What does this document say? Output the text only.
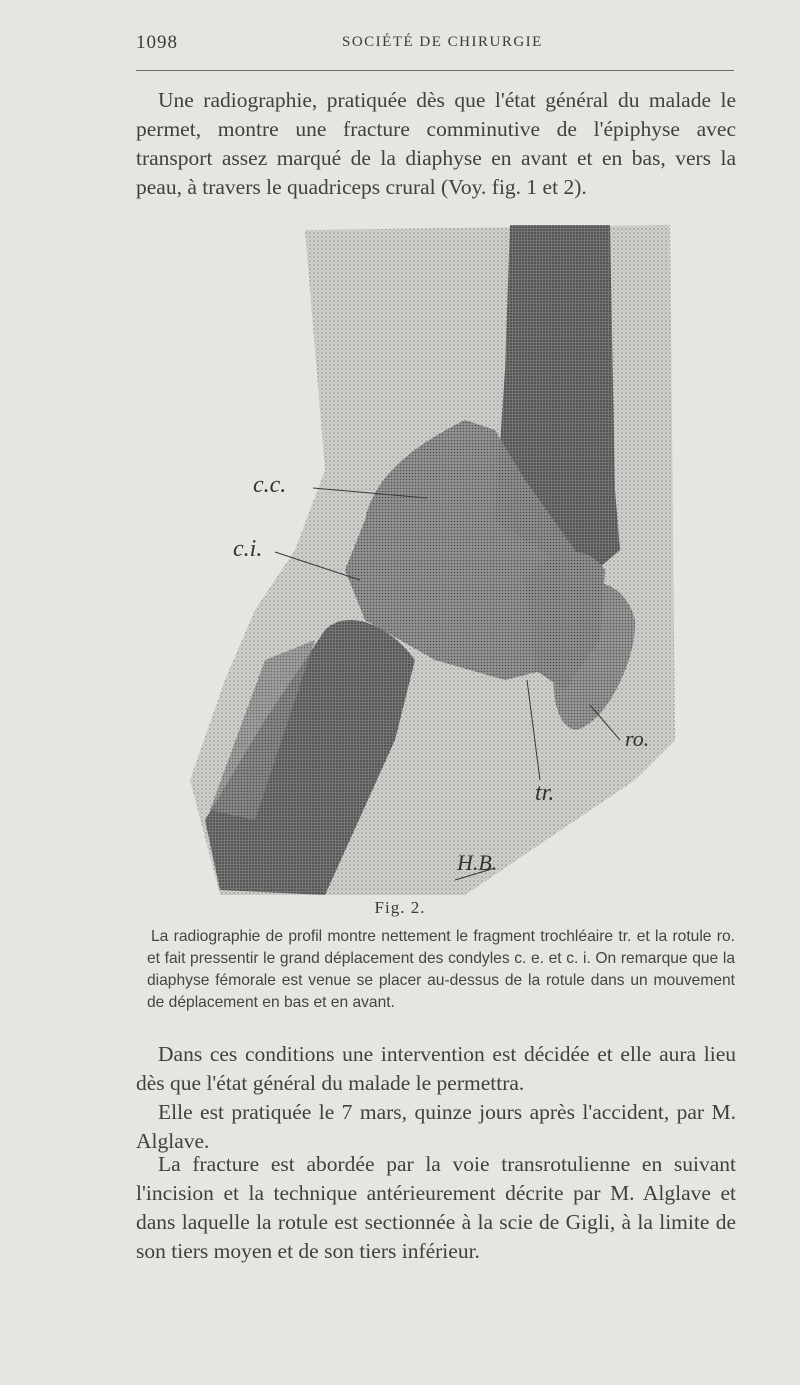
1098	SOCIÉTÉ DE CHIRURGIE

Une radiographie, pratiquée dès que l'état général du malade le permet, montre une fracture comminutive de l'épiphyse avec transport assez marqué de la diaphyse en avant et en bas, vers la peau, à travers le quadriceps crural (Voy. fig. 1 et 2).

c.c.
c.i.
ro.
tr.
H.B.
Fig. 2.

La radiographie de profil montre nettement le fragment trochléaire tr. et la rotule ro. et fait pressentir le grand déplacement des condyles c. e. et c. i. On remarque que la diaphyse fémorale est venue se placer au-dessus de la rotule dans un mouvement de déplacement en bas et en avant.

Dans ces conditions une intervention est décidée et elle aura lieu dès que l'état général du malade le permettra.

Elle est pratiquée le 7 mars, quinze jours après l'accident, par M. Alglave.

La fracture est abordée par la voie transrotulienne en suivant l'incision et la technique antérieurement décrite par M. Alglave et dans laquelle la rotule est sectionnée à la scie de Gigli, à la limite de son tiers moyen et de son tiers inférieur.
